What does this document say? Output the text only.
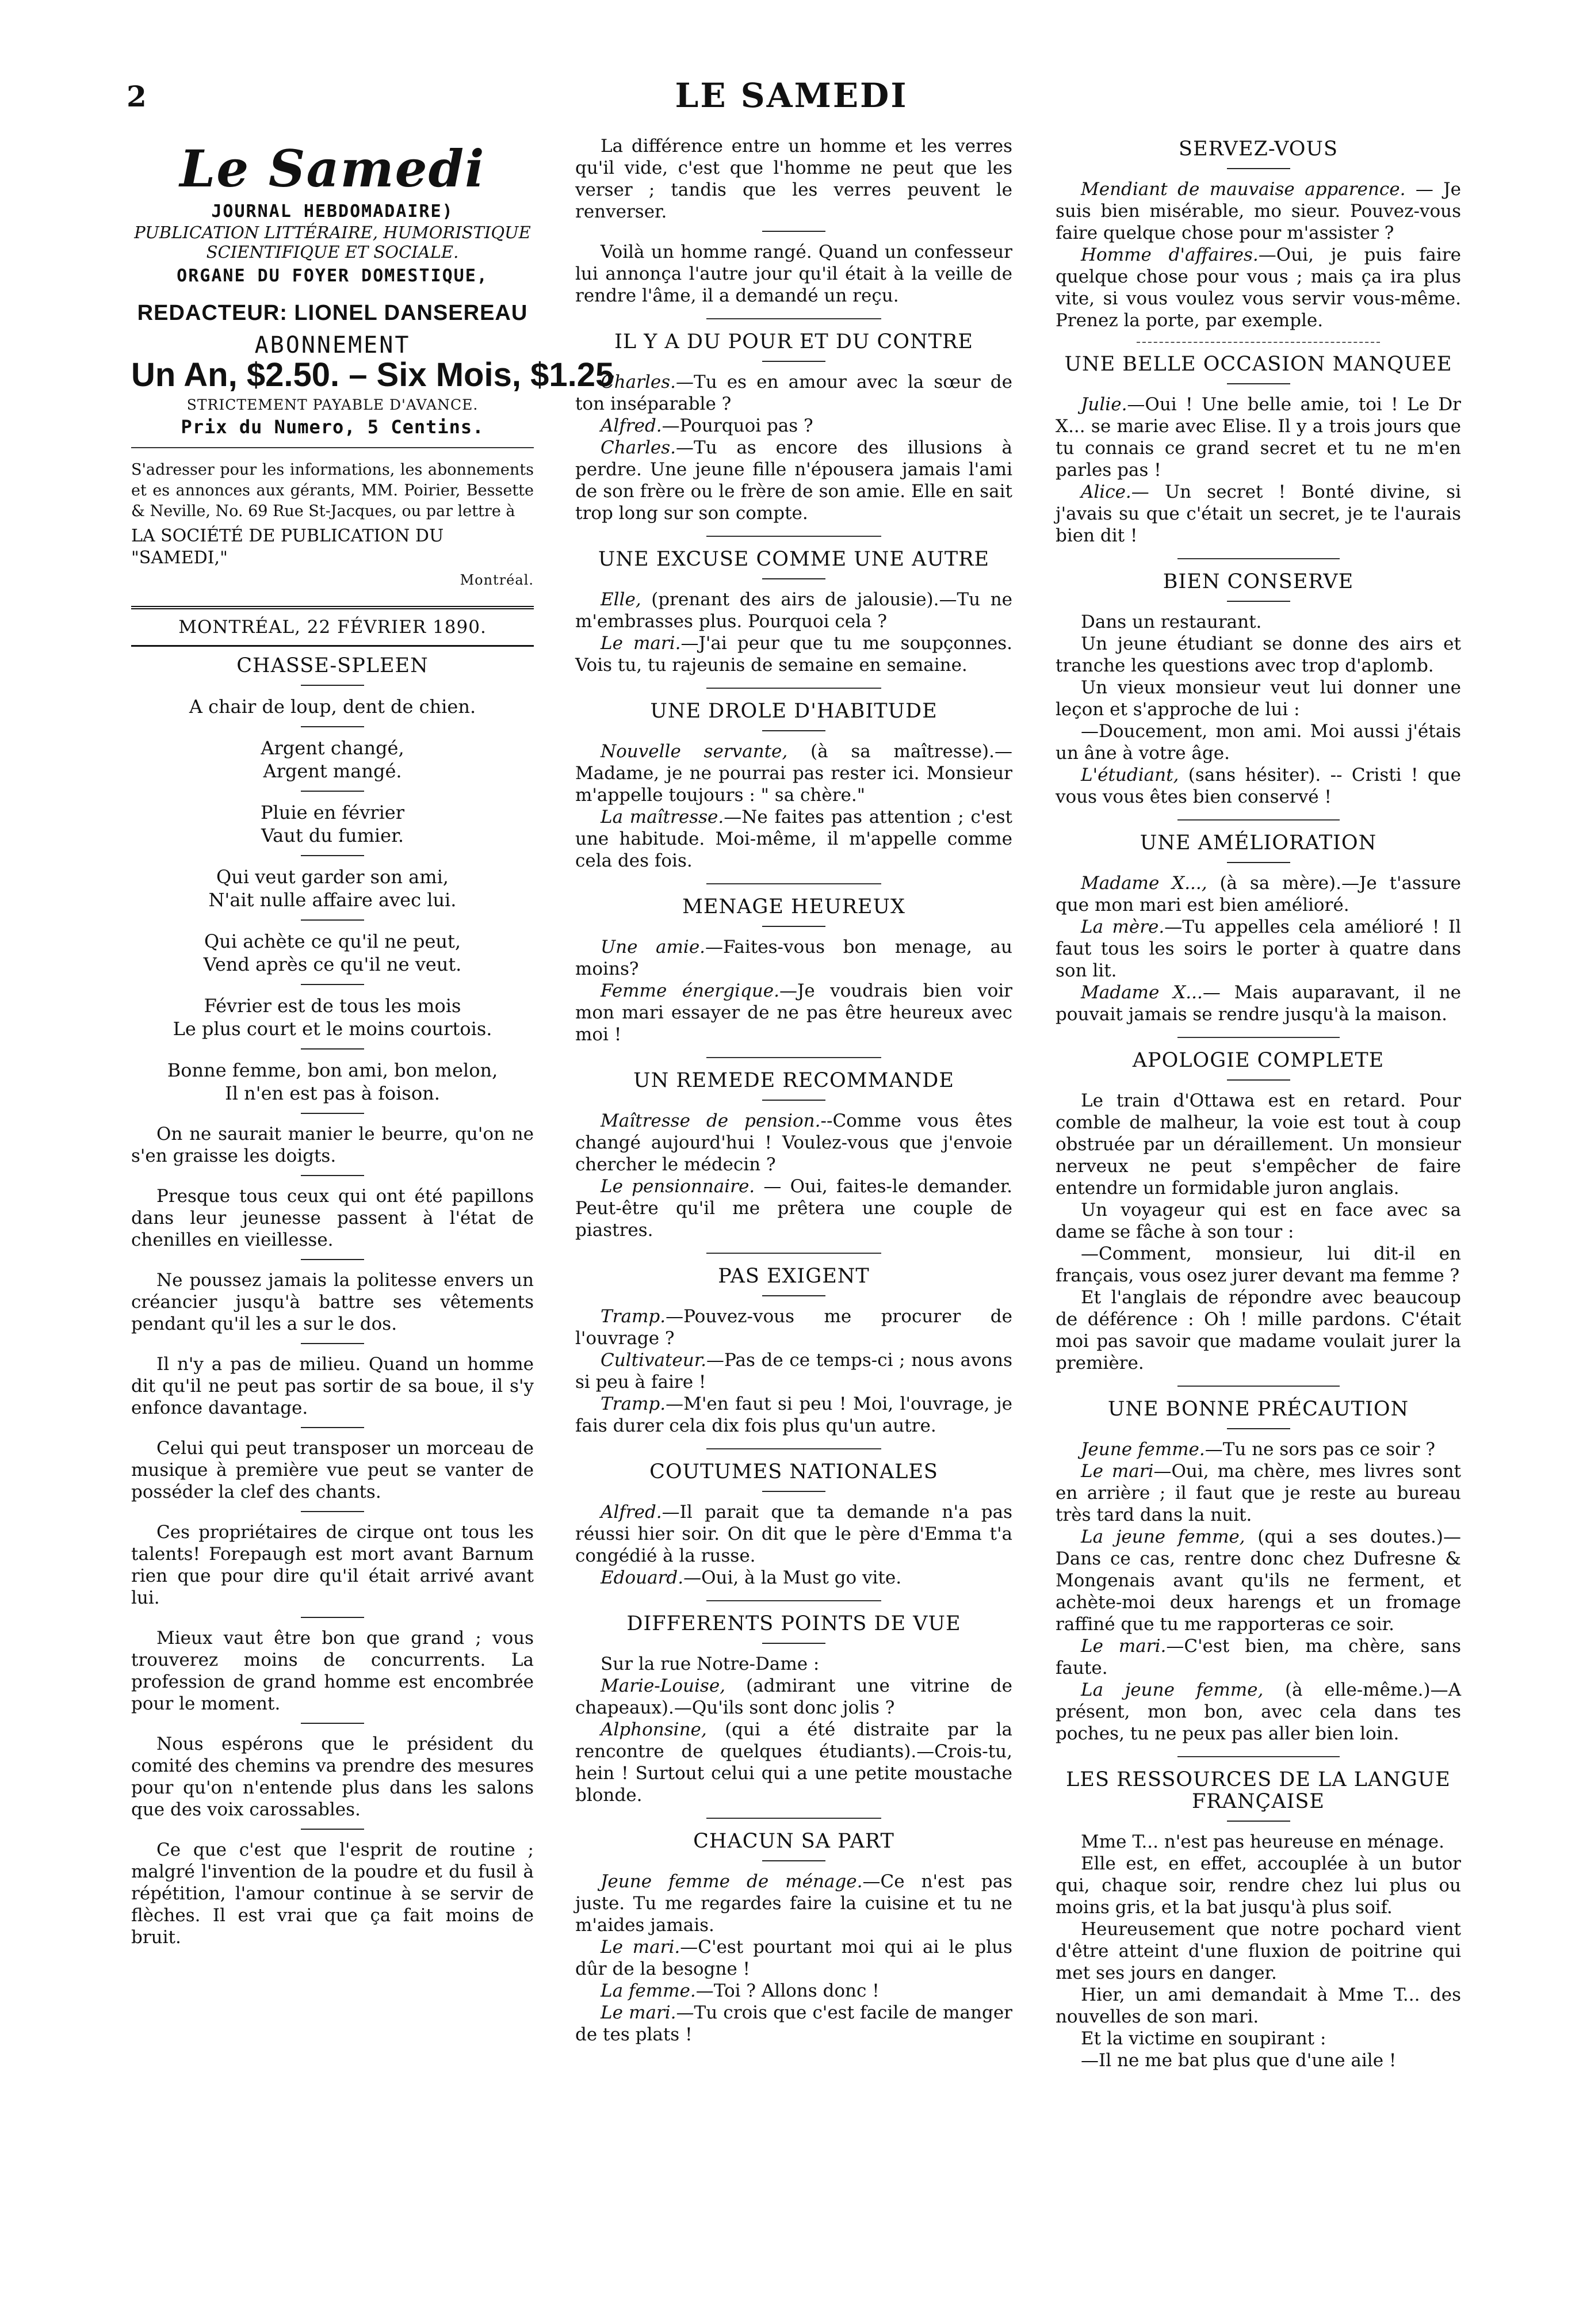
2	LE SAMEDI
Le Samedi
JOURNAL HEBDOMADAIRE)
PUBLICATION LITTÉRAIRE, HUMORISTIQUE
SCIENTIFIQUE ET SOCIALE.
ORGANE DU FOYER DOMESTIQUE,
REDACTEUR: LIONEL DANSEREAU
ABONNEMENT
Un An, $2.50. – Six Mois, $1.25
STRICTEMENT PAYABLE D'AVANCE.
Prix du Numero, 5 Centins.
S'adresser pour les informations, les abonnements et es annonces aux gérants, MM. Poirier, Bessette & Neville, No. 69 Rue St-Jacques, ou par lettre à
LA SOCIÉTÉ DE PUBLICATION DU "SAMEDI,"
Montréal.
MONTRÉAL, 22 FÉVRIER 1890.
CHASSE-SPLEEN
A chair de loup, dent de chien.
Argent changé,
Argent mangé.
Pluie en février
Vaut du fumier.
Qui veut garder son ami,
N'ait nulle affaire avec lui.
Qui achète ce qu'il ne peut,
Vend après ce qu'il ne veut.
Février est de tous les mois
Le plus court et le moins courtois.
Bonne femme, bon ami, bon melon,
Il n'en est pas à foison.

On ne saurait manier le beurre, qu'on ne s'en graisse les doigts.

Presque tous ceux qui ont été papillons dans leur jeunesse passent à l'état de chenilles en vieillesse.

Ne poussez jamais la politesse envers un créancier jusqu'à battre ses vêtements pendant qu'il les a sur le dos.

Il n'y a pas de milieu. Quand un homme dit qu'il ne peut pas sortir de sa boue, il s'y enfonce davantage.

Celui qui peut transposer un morceau de musique à première vue peut se vanter de posséder la clef des chants.

Ces propriétaires de cirque ont tous les talents! Forepaugh est mort avant Barnum rien que pour dire qu'il était arrivé avant lui.

Mieux vaut être bon que grand ; vous trouverez moins de concurrents. La profession de grand homme est encombrée pour le moment.

Nous espérons que le président du comité des chemins va prendre des mesures pour qu'on n'entende plus dans les salons que des voix carossables.

Ce que c'est que l'esprit de routine ; malgré l'invention de la poudre et du fusil à répétition, l'amour continue à se servir de flèches. Il est vrai que ça fait moins de bruit.

La différence entre un homme et les verres qu'il vide, c'est que l'homme ne peut que les verser ; tandis que les verres peuvent le renverser.

Voilà un homme rangé. Quand un confesseur lui annonça l'autre jour qu'il était à la veille de rendre l'âme, il a demandé un reçu.

IL Y A DU POUR ET DU CONTRE

Charles.—Tu es en amour avec la sœur de ton inséparable ?

Alfred.—Pourquoi pas ?

Charles.—Tu as encore des illusions à perdre. Une jeune fille n'épousera jamais l'ami de son frère ou le frère de son amie. Elle en sait trop long sur son compte.

UNE EXCUSE COMME UNE AUTRE

Elle, (prenant des airs de jalousie).—Tu ne m'embrasses plus. Pourquoi cela ?

Le mari.—J'ai peur que tu me soupçonnes. Vois tu, tu rajeunis de semaine en semaine.

UNE DROLE D'HABITUDE

Nouvelle servante, (à sa maîtresse).—Madame, je ne pourrai pas rester ici. Monsieur m'appelle toujours : " sa chère."

La maîtresse.—Ne faites pas attention ; c'est une habitude. Moi-même, il m'appelle comme cela des fois.

MENAGE HEUREUX

Une amie.—Faites-vous bon menage, au moins?

Femme énergique.—Je voudrais bien voir mon mari essayer de ne pas être heureux avec moi !

UN REMEDE RECOMMANDE

Maîtresse de pension.--Comme vous êtes changé aujourd'hui ! Voulez-vous que j'envoie chercher le médecin ?

Le pensionnaire. — Oui, faites-le demander. Peut-être qu'il me prêtera une couple de piastres.

PAS EXIGENT

Tramp.—Pouvez-vous me procurer de l'ouvrage ?

Cultivateur.—Pas de ce temps-ci ; nous avons si peu à faire !

Tramp.—M'en faut si peu ! Moi, l'ouvrage, je fais durer cela dix fois plus qu'un autre.

COUTUMES NATIONALES

Alfred.—Il parait que ta demande n'a pas réussi hier soir. On dit que le père d'Emma t'a congédié à la russe.

Edouard.—Oui, à la Must go vite.

DIFFERENTS POINTS DE VUE

Sur la rue Notre-Dame :

Marie-Louise, (admirant une vitrine de chapeaux).—Qu'ils sont donc jolis ?

Alphonsine, (qui a été distraite par la rencontre de quelques étudiants).—Crois-tu, hein ! Surtout celui qui a une petite moustache blonde.

CHACUN SA PART

Jeune femme de ménage.—Ce n'est pas juste. Tu me regardes faire la cuisine et tu ne m'aides jamais.

Le mari.—C'est pourtant moi qui ai le plus dûr de la besogne !

La femme.—Toi ? Allons donc !

Le mari.—Tu crois que c'est facile de manger de tes plats !

SERVEZ-VOUS

Mendiant de mauvaise apparence. — Je suis bien misérable, mo sieur. Pouvez-vous faire quelque chose pour m'assister ?

Homme d'affaires.—Oui, je puis faire quelque chose pour vous ; mais ça ira plus vite, si vous voulez vous servir vous-même. Prenez la porte, par exemple.

UNE BELLE OCCASION MANQUEE

Julie.—Oui ! Une belle amie, toi ! Le Dr X... se marie avec Elise. Il y a trois jours que tu connais ce grand secret et tu ne m'en parles pas !

Alice.— Un secret ! Bonté divine, si j'avais su que c'était un secret, je te l'aurais bien dit !

BIEN CONSERVE

Dans un restaurant.

Un jeune étudiant se donne des airs et tranche les questions avec trop d'aplomb.

Un vieux monsieur veut lui donner une leçon et s'approche de lui :

—Doucement, mon ami. Moi aussi j'étais un âne à votre âge.

L'étudiant, (sans hésiter). -- Cristi ! que vous vous êtes bien conservé !

UNE AMÉLIORATION

Madame X..., (à sa mère).—Je t'assure que mon mari est bien amélioré.

La mère.—Tu appelles cela amélioré ! Il faut tous les soirs le porter à quatre dans son lit.

Madame X...— Mais auparavant, il ne pouvait jamais se rendre jusqu'à la maison.

APOLOGIE COMPLETE

Le train d'Ottawa est en retard. Pour comble de malheur, la voie est tout à coup obstruée par un déraillement. Un monsieur nerveux ne peut s'empêcher de faire entendre un formidable juron anglais.

Un voyageur qui est en face avec sa dame se fâche à son tour :

—Comment, monsieur, lui dit-il en français, vous osez jurer devant ma femme ?

Et l'anglais de répondre avec beaucoup de déférence : Oh ! mille pardons. C'était moi pas savoir que madame voulait jurer la première.

UNE BONNE PRÉCAUTION

Jeune femme.—Tu ne sors pas ce soir ?

Le mari—Oui, ma chère, mes livres sont en arrière ; il faut que je reste au bureau très tard dans la nuit.

La jeune femme, (qui a ses doutes.)—Dans ce cas, rentre donc chez Dufresne & Mongenais avant qu'ils ne ferment, et achète-moi deux harengs et un fromage raffiné que tu me rapporteras ce soir.

Le mari.—C'est bien, ma chère, sans faute.

La jeune femme, (à elle-même.)—A présent, mon bon, avec cela dans tes poches, tu ne peux pas aller bien loin.

LES RESSOURCES DE LA LANGUE FRANÇAISE

Mme T... n'est pas heureuse en ménage.

Elle est, en effet, accouplée à un butor qui, chaque soir, rendre chez lui plus ou moins gris, et la bat jusqu'à plus soif.

Heureusement que notre pochard vient d'être atteint d'une fluxion de poitrine qui met ses jours en danger.

Hier, un ami demandait à Mme T... des nouvelles de son mari.

Et la victime en soupirant :

—Il ne me bat plus que d'une aile !
